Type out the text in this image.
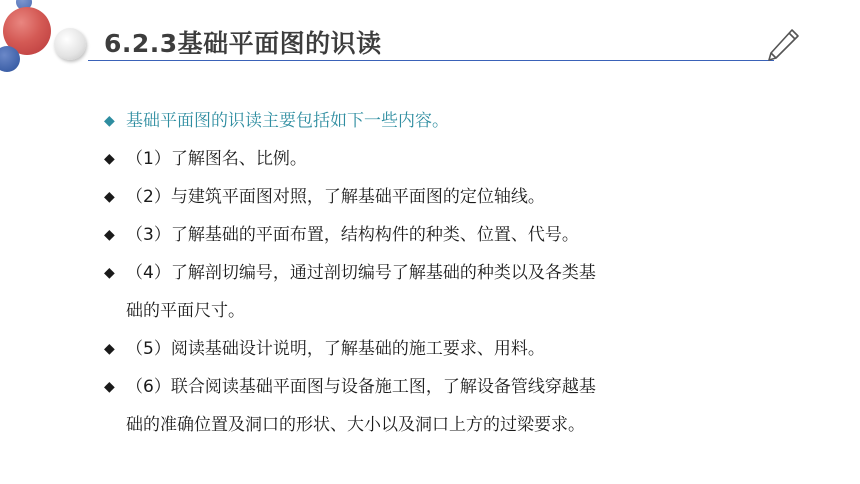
6.2.3基础平面图的识读
◆ 基础平面图的识读主要包括如下一些内容。
◆ （1）了解图名、比例。
◆ （2）与建筑平面图对照，了解基础平面图的定位轴线。
◆ （3）了解基础的平面布置，结构构件的种类、位置、代号。
◆ （4）了解剖切编号，通过剖切编号了解基础的种类以及各类基
础的平面尺寸。
◆ （5）阅读基础设计说明，了解基础的施工要求、用料。
◆ （6）联合阅读基础平面图与设备施工图，了解设备管线穿越基
础的准确位置及洞口的形状、大小以及洞口上方的过梁要求。
